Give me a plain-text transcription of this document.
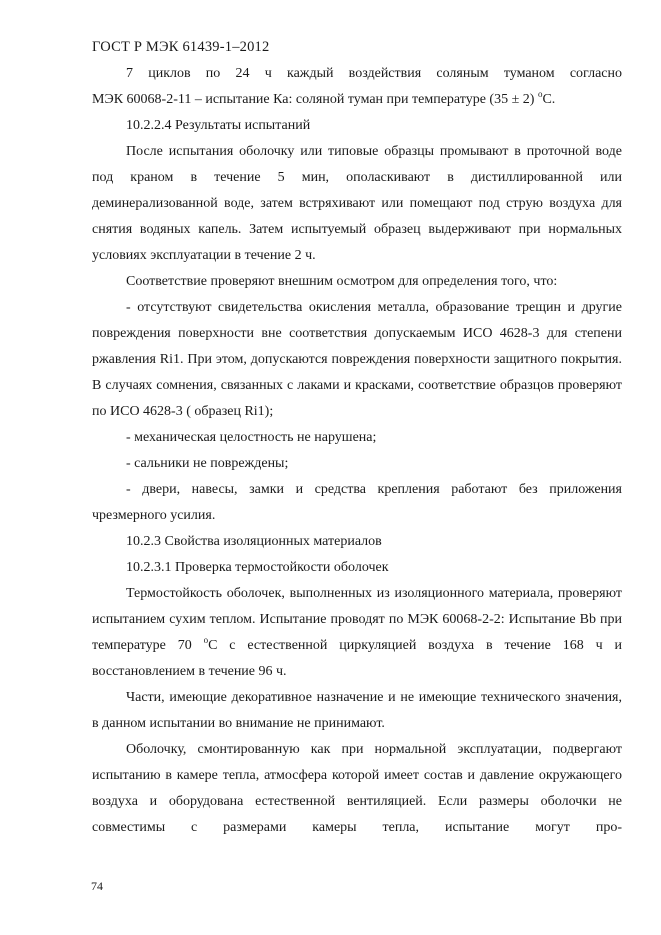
ГОСТ Р МЭК 61439-1–2012

7 циклов по 24 ч каждый воздействия соляным туманом согласно

МЭК 60068-2-11 – испытание Ка: соляной туман при температуре (35 ± 2) $^о$С.

10.2.2.4 Результаты испытаний

После испытания оболочку или типовые образцы промывают в проточной воде под краном в течение 5 мин, ополаскивают в дистиллированной или деминерализованной воде, затем встряхивают или помещают под струю воздуха для снятия водяных капель. Затем испытуемый образец выдерживают при нормальных условиях эксплуатации в течение 2 ч.

Соответствие проверяют внешним осмотром для определения того, что:

- отсутствуют свидетельства окисления металла, образование трещин и другие повреждения поверхности вне соответствия допускаемым ИСО 4628-3 для степени ржавления Ri1. При этом, допускаются повреждения поверхности защитного покрытия. В случаях сомнения, связанных с лаками и красками, соответствие образцов проверяют по ИСО 4628-3 ( образец Ri1);

- механическая целостность не нарушена;

- сальники не повреждены;

- двери, навесы, замки и средства крепления работают без приложения чрезмерного усилия.

10.2.3 Свойства изоляционных материалов

10.2.3.1 Проверка термостойкости оболочек

Термостойкость оболочек, выполненных из изоляционного материала, проверяют испытанием сухим теплом. Испытание проводят по МЭК 60068-2-2: Испытание Bb при температуре 70 $^о$С с естественной циркуляцией воздуха в течение 168 ч и восстановлением в течение 96 ч.

Части, имеющие декоративное назначение и не имеющие технического значения, в данном испытании во внимание не принимают.

Оболочку, смонтированную как при нормальной эксплуатации, подвергают испытанию в камере тепла, атмосфера которой имеет состав и давление окружающего воздуха и оборудована естественной вентиляцией. Если размеры оболочки не совместимы с размерами камеры тепла, испытание могут про-

74
